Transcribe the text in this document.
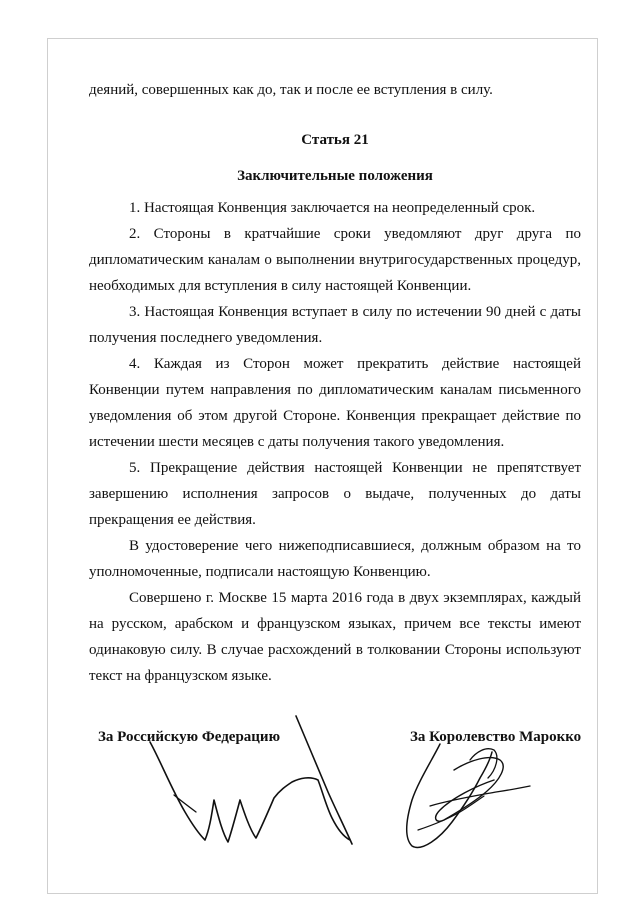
деяний, совершенных как до, так и после ее вступления в силу.

Статья 21

Заключительные положения

1. Настоящая Конвенция заключается на неопределенный срок.

2. Стороны в кратчайшие сроки уведомляют друг друга по дипломатическим каналам о выполнении внутригосударственных процедур, необходимых для вступления в силу настоящей Конвенции.

3. Настоящая Конвенция вступает в силу по истечении 90 дней с даты получения последнего уведомления.

4. Каждая из Сторон может прекратить действие настоящей Конвенции путем направления по дипломатическим каналам письменного уведомления об этом другой Стороне. Конвенция прекращает действие по истечении шести месяцев с даты получения такого уведомления.

5. Прекращение действия настоящей Конвенции не препятствует завершению исполнения запросов о выдаче, полученных до даты прекращения ее действия.

В удостоверение чего нижеподписавшиеся, должным образом на то уполномоченные, подписали настоящую Конвенцию.

Совершено г. Москве 15 марта 2016 года в двух экземплярах, каждый на русском, арабском и французском языках, причем все тексты имеют одинаковую силу. В случае расхождений в толковании Стороны используют текст на французском языке.

За Российскую Федерацию	За Королевство Марокко
